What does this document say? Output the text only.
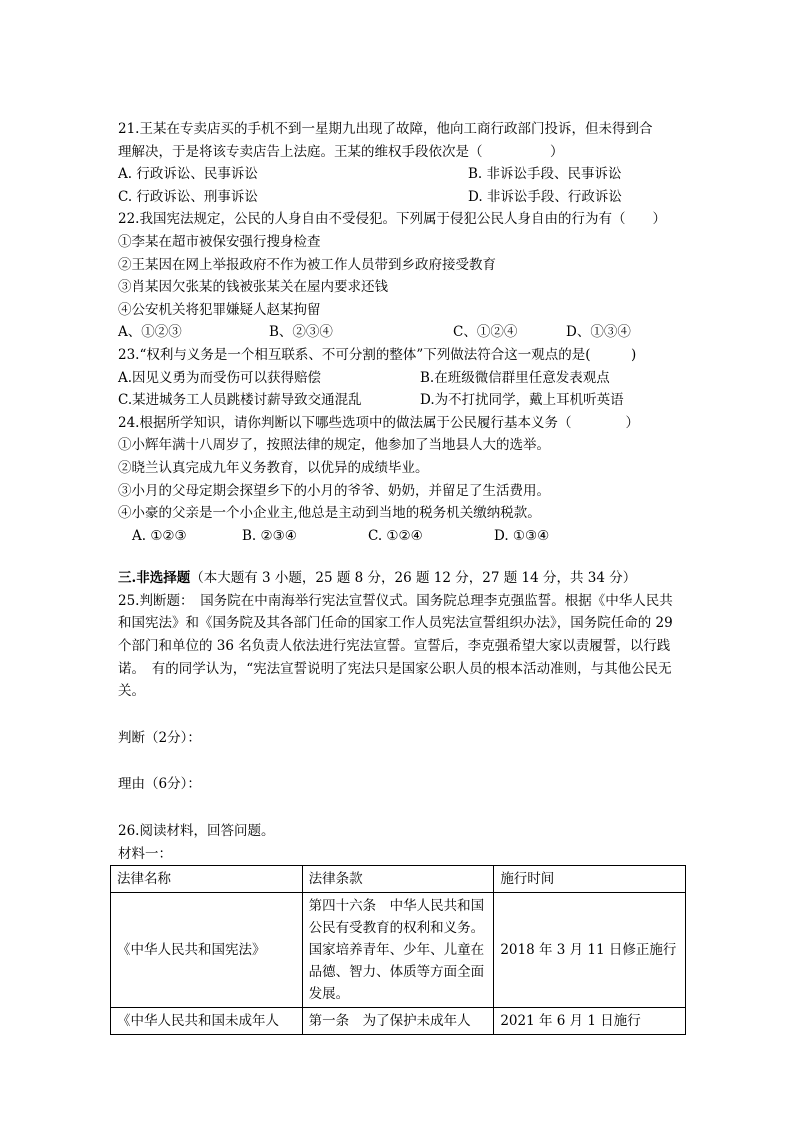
21.王某在专卖店买的手机不到一星期九出现了故障，他向工商行政部门投诉，但未得到合
理解决，于是将该专卖店告上法庭。王某的维权手段依次是（　　　　　）
A. 行政诉讼、民事诉讼	B. 非诉讼手段、民事诉讼
C. 行政诉讼、刑事诉讼	D. 非诉讼手段、行政诉讼
22.我国宪法规定，公民的人身自由不受侵犯。下列属于侵犯公民人身自由的行为有（　　）
①李某在超市被保安强行搜身检查
②王某因在网上举报政府不作为被工作人员带到乡政府接受教育
③肖某因欠张某的钱被张某关在屋内要求还钱
④公安机关将犯罪嫌疑人赵某拘留
A、①②③	B、②③④	C、①②④	D、①③④
23.“权利与义务是一个相互联系、不可分割的整体”下列做法符合这一观点的是(　　　)
A.因见义勇为而受伤可以获得赔偿	B.在班级微信群里任意发表观点
C.某进城务工人员跳楼讨薪导致交通混乱	D.为不打扰同学，戴上耳机听英语
24.根据所学知识，请你判断以下哪些选项中的做法属于公民履行基本义务（　　　　）
①小辉年满十八周岁了，按照法律的规定，他参加了当地县人大的选举。
②晓兰认真完成九年义务教育，以优异的成绩毕业。
③小月的父母定期会探望乡下的小月的爷爷、奶奶，并留足了生活费用。
④小豪的父亲是一个小企业主,他总是主动到当地的税务机关缴纳税款。
A. ①②③	B. ②③④	C. ①②④	D. ①③④
三.非选择题（本大题有 3 小题，25 题 8 分，26 题 12 分，27 题 14 分，共 34 分）
25.判断题：　国务院在中南海举行宪法宣誓仪式。国务院总理李克强监誓。根据《中华人民共和国宪法》和《国务院及其各部门任命的国家工作人员宪法宣誓组织办法》，国务院任命的 29 个部门和单位的 36 名负责人依法进行宪法宣誓。宣誓后，李克强希望大家以责履誓，以行践诺。　有的同学认为，“宪法宣誓说明了宪法只是国家公职人员的根本活动准则，与其他公民无关。
判断（2分）：
理由（6分）：
26.阅读材料，回答问题。
材料一：
法律名称	法律条款	施行时间
《中华人民共和国宪法》	第四十六条　中华人民共和国公民有受教育的权利和义务。国家培养青年、少年、儿童在品德、智力、体质等方面全面发展。	2018 年 3 月 11 日修正施行
《中华人民共和国未成年人	第一条　为了保护未成年人	2021 年 6 月 1 日施行
